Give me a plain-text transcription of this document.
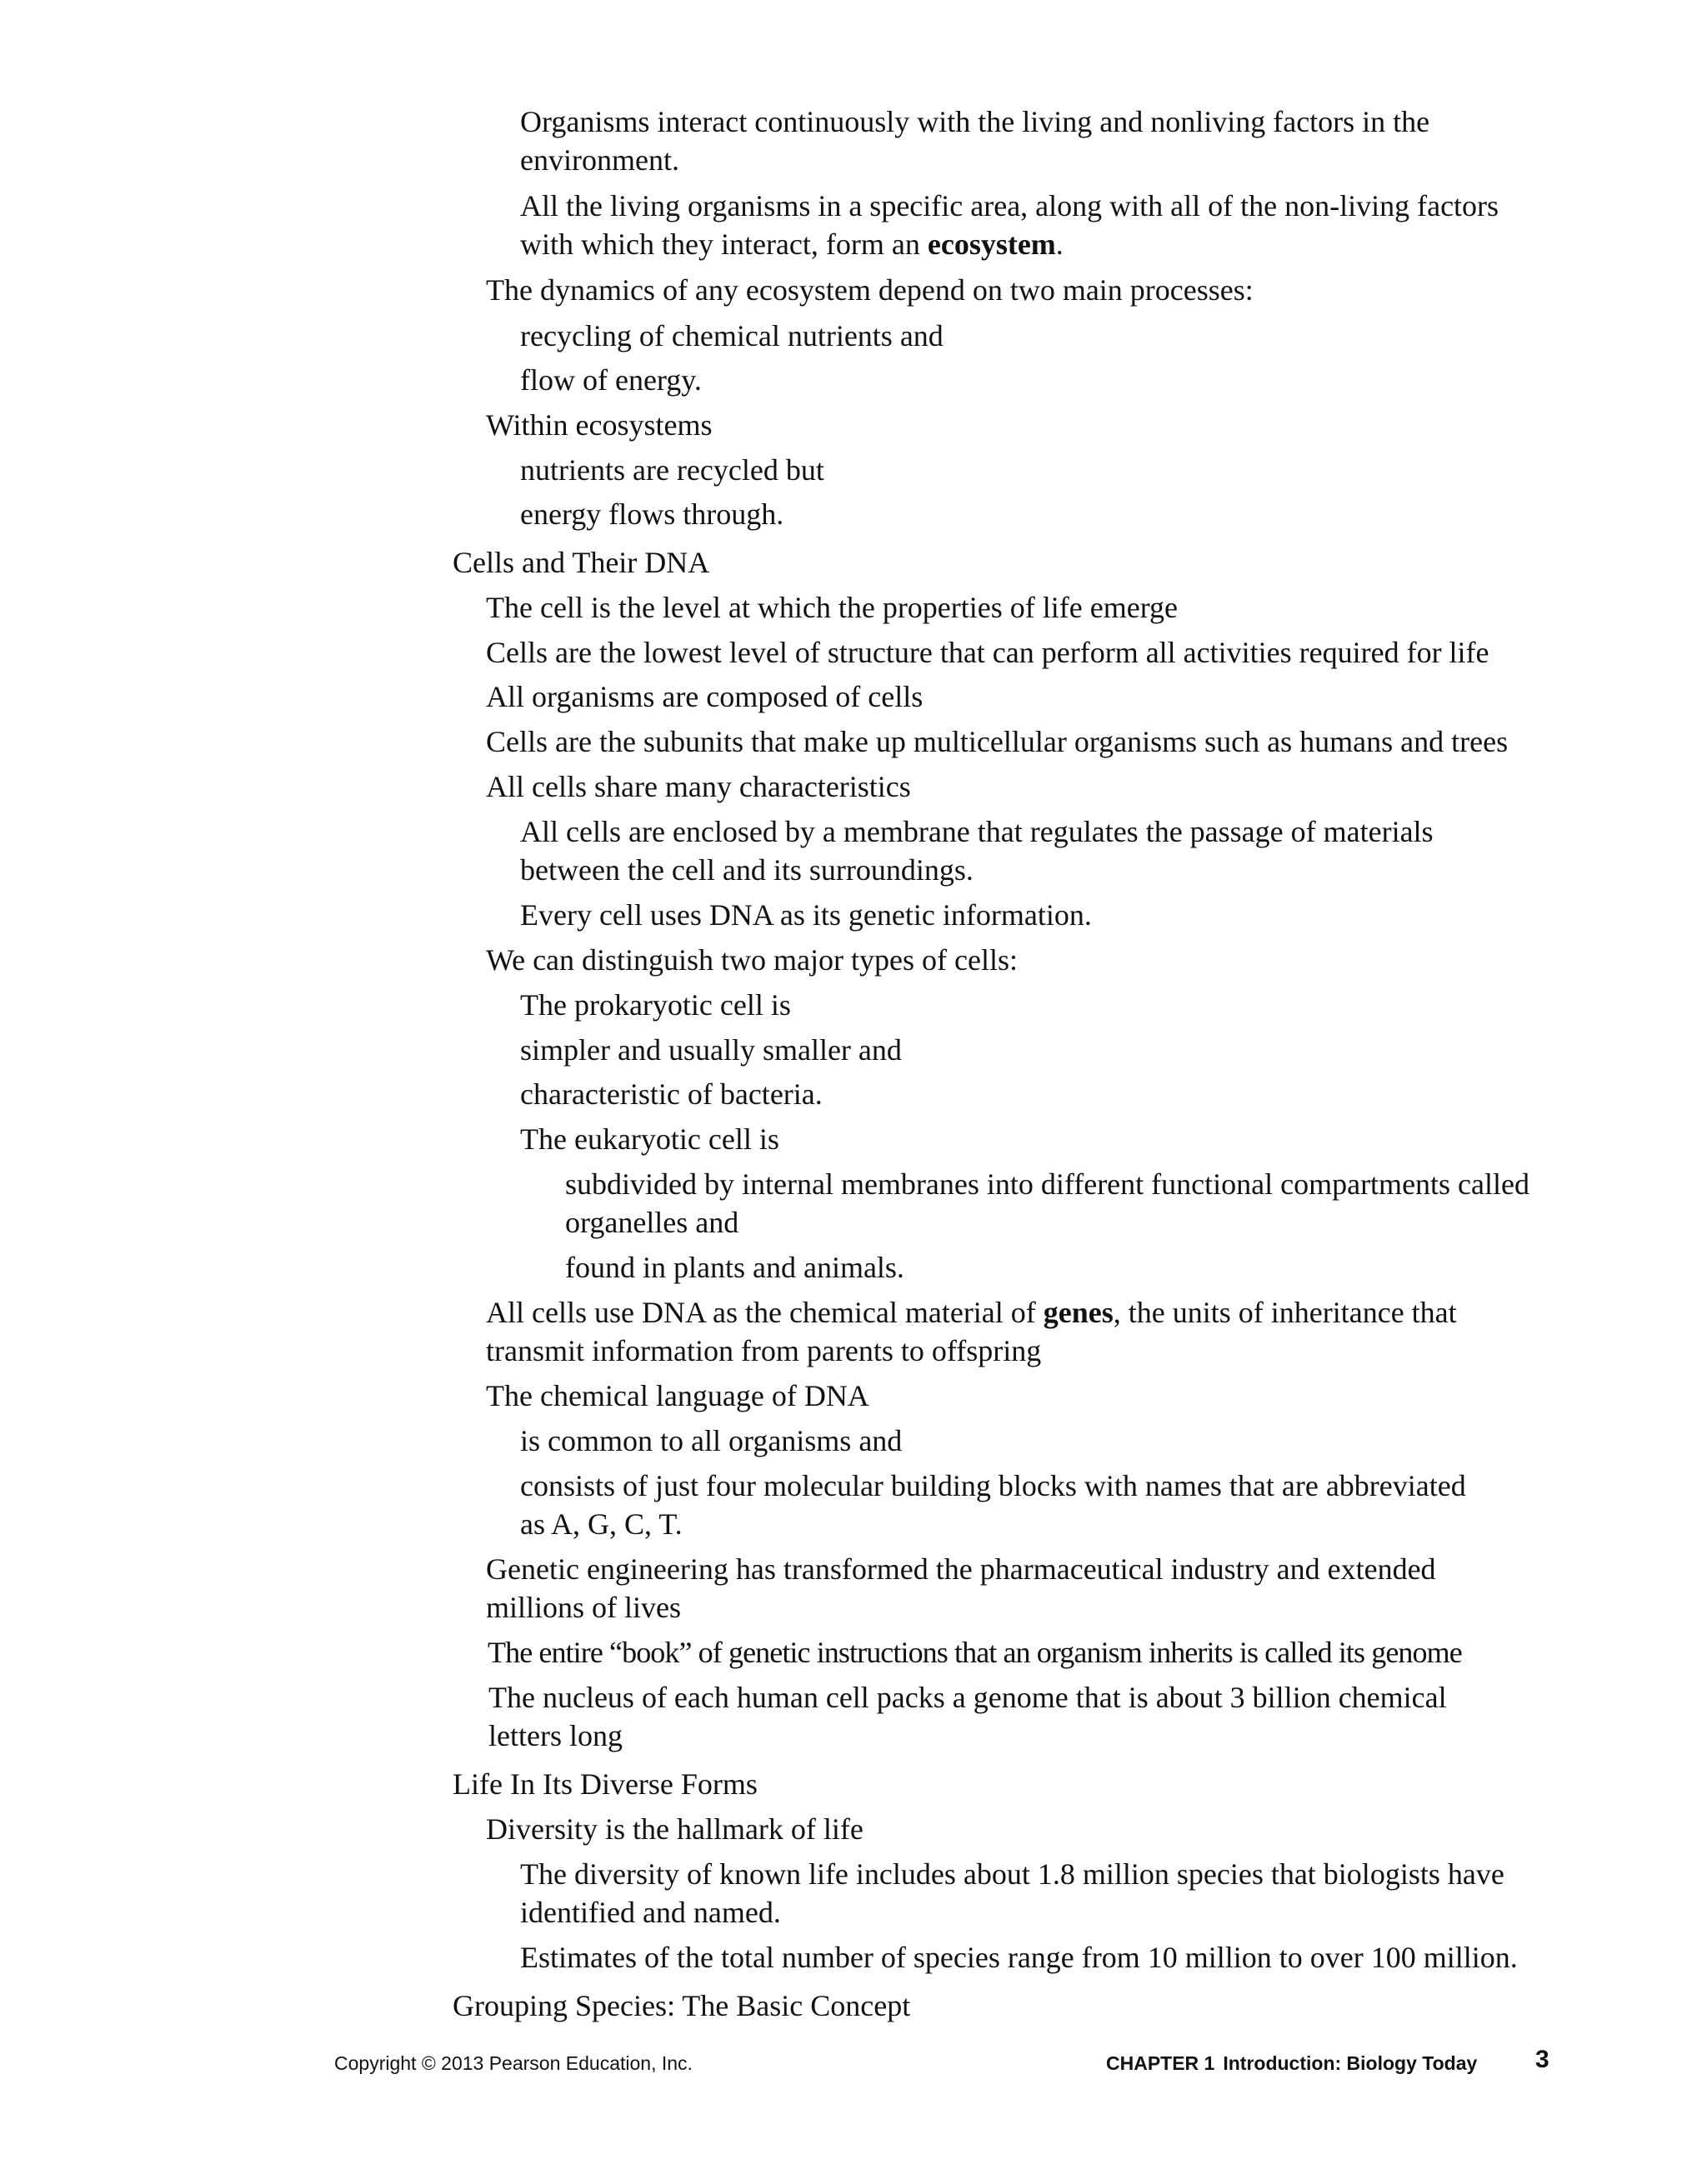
Organisms interact continuously with the living and nonliving factors in the
environment.
All the living organisms in a specific area, along with all of the non-living factors
with which they interact, form an ecosystem.
The dynamics of any ecosystem depend on two main processes:
recycling of chemical nutrients and
flow of energy.
Within ecosystems
nutrients are recycled but
energy flows through.
Cells and Their DNA
The cell is the level at which the properties of life emerge
Cells are the lowest level of structure that can perform all activities required for life
All organisms are composed of cells
Cells are the subunits that make up multicellular organisms such as humans and trees
All cells share many characteristics
All cells are enclosed by a membrane that regulates the passage of materials
between the cell and its surroundings.
Every cell uses DNA as its genetic information.
We can distinguish two major types of cells:
The prokaryotic cell is
simpler and usually smaller and
characteristic of bacteria.
The eukaryotic cell is
subdivided by internal membranes into different functional compartments called
organelles and
found in plants and animals.
All cells use DNA as the chemical material of genes, the units of inheritance that
transmit information from parents to offspring
The chemical language of DNA
is common to all organisms and
consists of just four molecular building blocks with names that are abbreviated
as A, G, C, T.
Genetic engineering has transformed the pharmaceutical industry and extended
millions of lives
The entire “book” of genetic instructions that an organism inherits is called its genome
The nucleus of each human cell packs a genome that is about 3 billion chemical
letters long
Life In Its Diverse Forms
Diversity is the hallmark of life
The diversity of known life includes about 1.8 million species that biologists have
identified and named.
Estimates of the total number of species range from 10 million to over 100 million.
Grouping Species: The Basic Concept
Copyright © 2013 Pearson Education, Inc.	CHAPTER 1 Introduction: Biology Today 3
